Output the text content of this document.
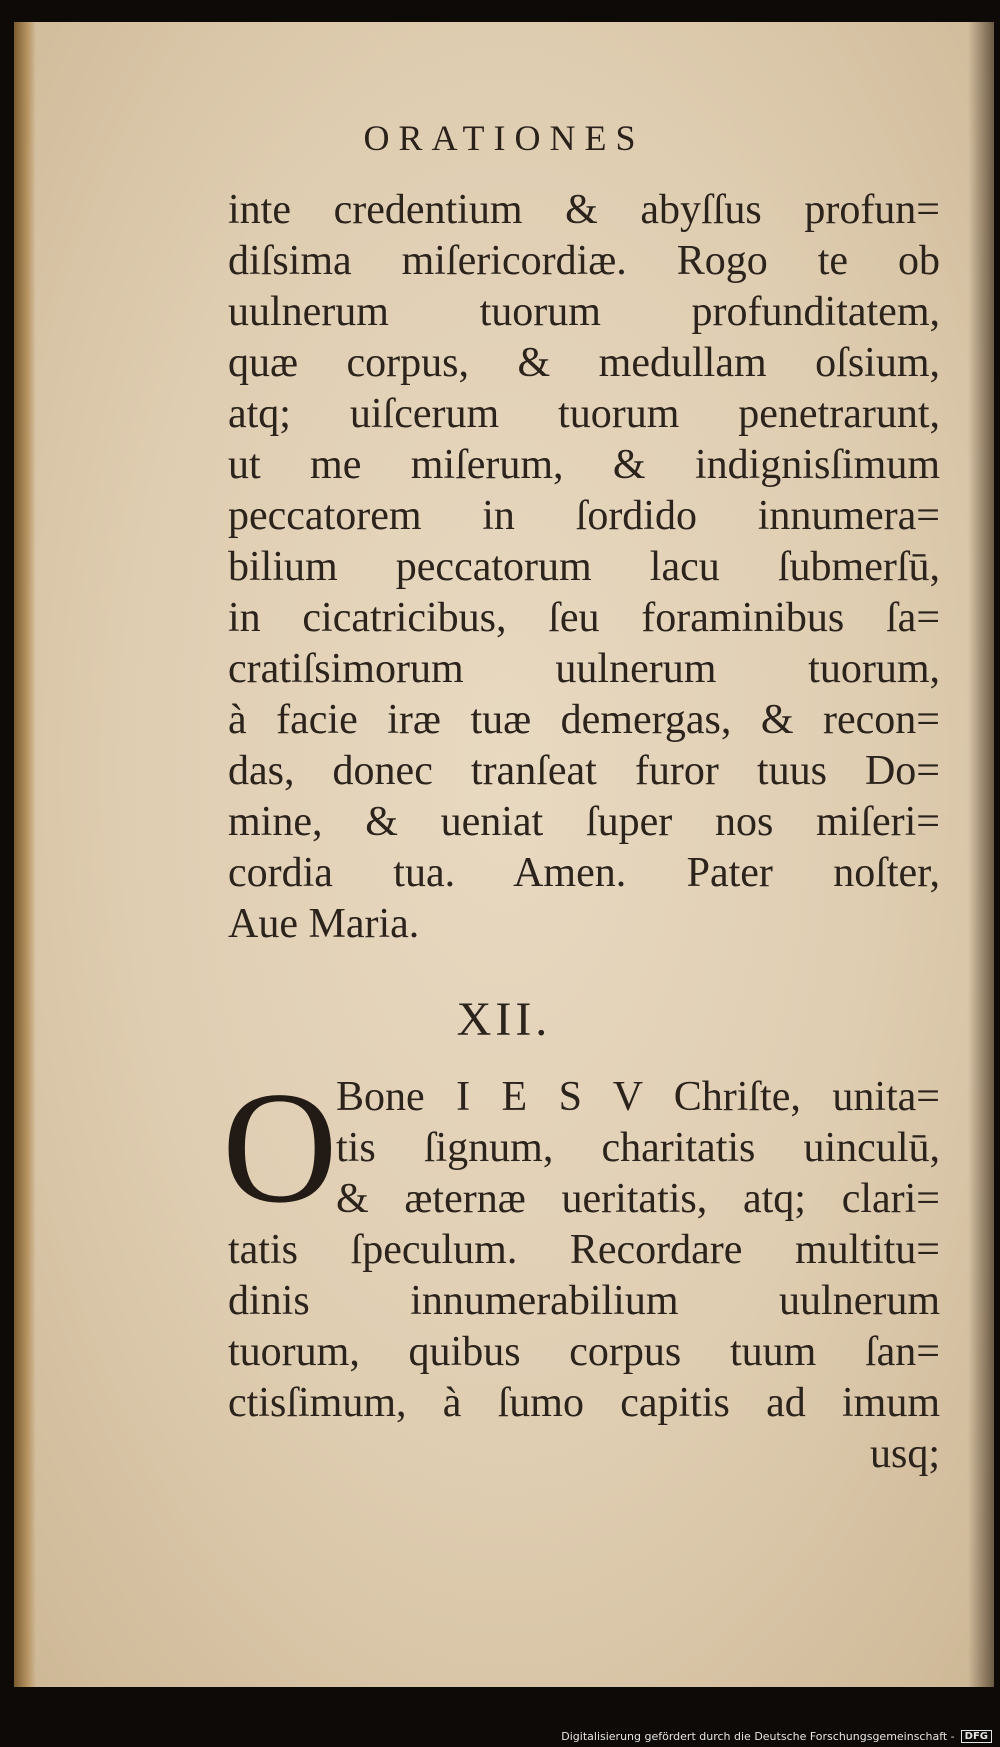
ORATIONES
inte credentium & abyſſus profun=
diſsima miſericordiæ. Rogo te ob
uulnerum tuorum profunditatem,
quæ corpus, & medullam oſsium,
atq; uiſcerum tuorum penetrarunt,
ut me miſerum, & indignisſimum
peccatorem in ſordido innumera=
bilium peccatorum lacu ſubmerſū,
in cicatricibus, ſeu foraminibus ſa=
cratiſsimorum uulnerum tuorum,
à facie iræ tuæ demergas, & recon=
das, donec tranſeat furor tuus Do=
mine, & ueniat ſuper nos miſeri=
cordia tua. Amen. Pater noſter,
Aue Maria.
XII.
O
Bone I E S V Chriſte, unita=
tis ſignum, charitatis uinculū,
& æternæ ueritatis, atq; clari=
tatis ſpeculum. Recordare multitu=
dinis innumerabilium uulnerum
tuorum, quibus corpus tuum ſan=
ctisſimum, à ſumo capitis ad imum
usq;
Digitalisierung gefördert durch die Deutsche Forschungsgemeinschaft -	DFG
